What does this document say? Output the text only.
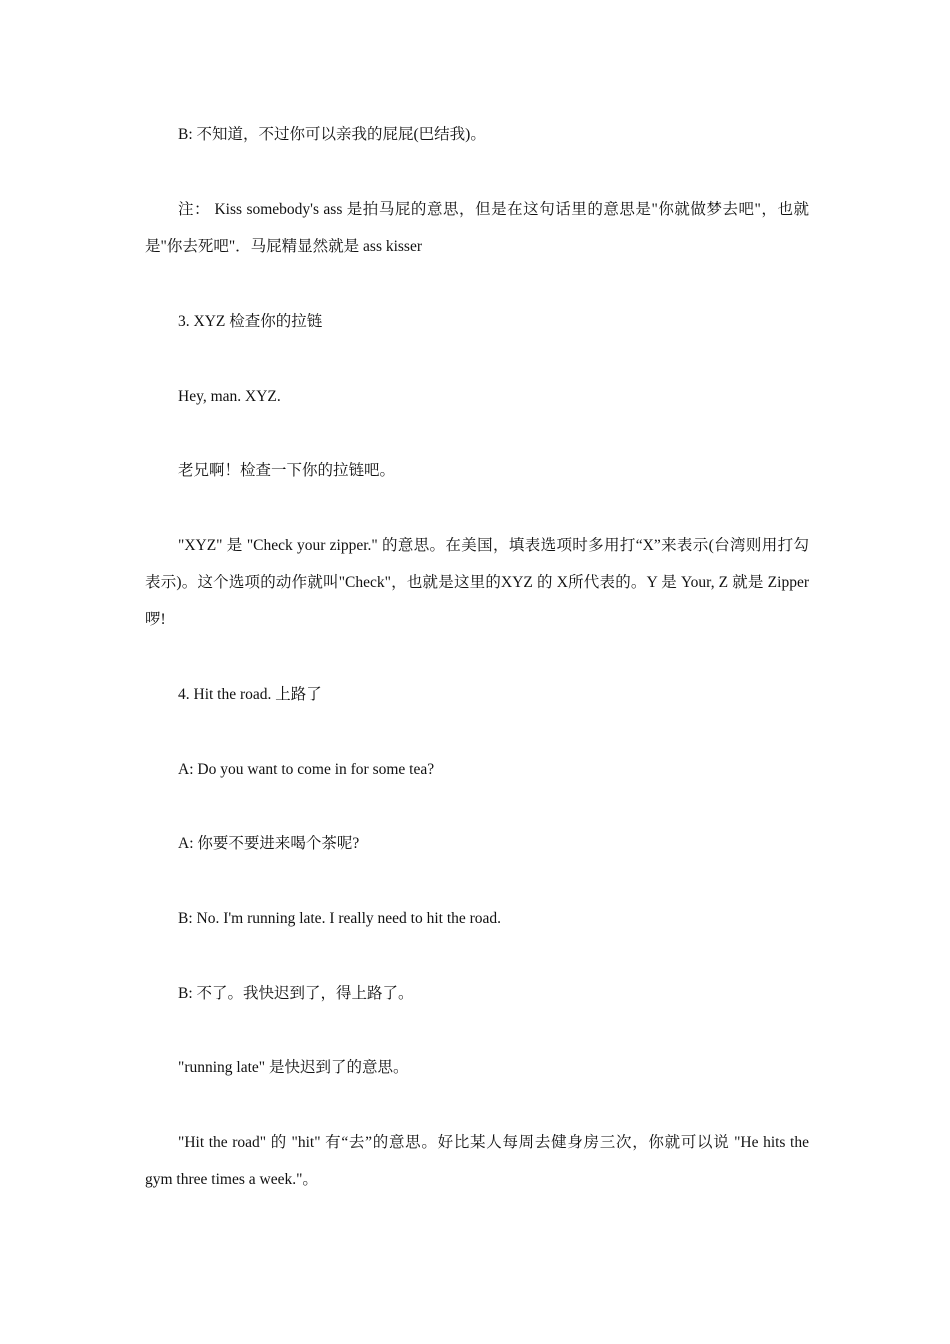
B: 不知道，不过你可以亲我的屁屁(巴结我)。

注： Kiss somebody's ass 是拍马屁的意思，但是在这句话里的意思是"你就做梦去吧"，也就是"你去死吧"．马屁精显然就是 ass kisser

3. XYZ 检查你的拉链

Hey, man. XYZ.

老兄啊！检查一下你的拉链吧。

"XYZ" 是 "Check your zipper." 的意思。在美国，填表选项时多用打“X”来表示(台湾则用打勾表示)。这个选项的动作就叫"Check"，也就是这里的XYZ 的 X所代表的。Y 是 Your, Z 就是 Zipper 啰!

4. Hit the road. 上路了

A: Do you want to come in for some tea?

A: 你要不要进来喝个茶呢?

B: No. I'm running late. I really need to hit the road.

B: 不了。我快迟到了，得上路了。

"running late" 是快迟到了的意思。

"Hit the road" 的 "hit" 有“去”的意思。好比某人每周去健身房三次，你就可以说 "He hits the gym three times a week."。
